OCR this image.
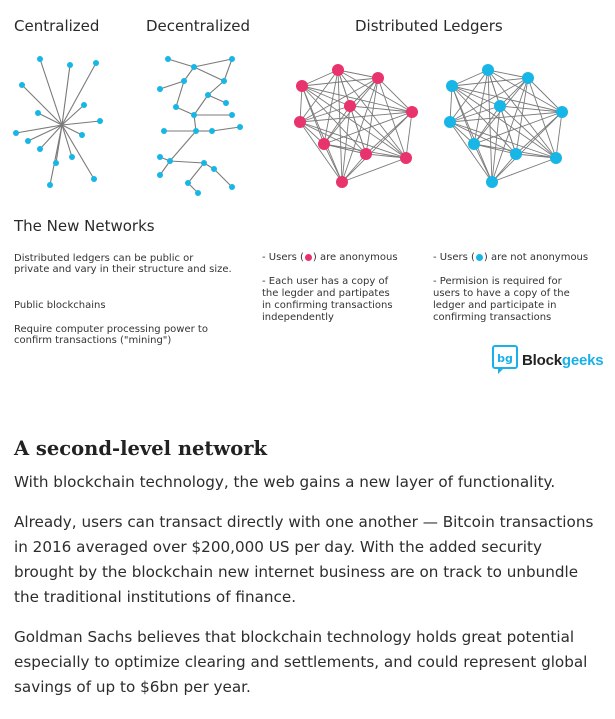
Centralized	Decentralized	Distributed Ledgers
The New Networks
Distributed ledgers can be public or
private and vary in their structure and size.
Public blockchains
Require computer processing power to
confirm transactions ("mining")
- Users ( ) are anonymous
- Each user has a copy of
the legder and partipates
in confirming transactions
independently
- Users ( ) are not anonymous
- Permision is required for
users to have a copy of the
ledger and participate in
confirming transactions
bg Blockgeeks
A second-level network

With blockchain technology, the web gains a new layer of functionality.

Already, users can transact directly with one another — Bitcoin transactions in 2016 averaged over $200,000 US per day. With the added security brought by the blockchain new internet business are on track to unbundle the traditional institutions of finance.

Goldman Sachs believes that blockchain technology holds great potential especially to optimize clearing and settlements, and could represent global savings of up to $6bn per year.
